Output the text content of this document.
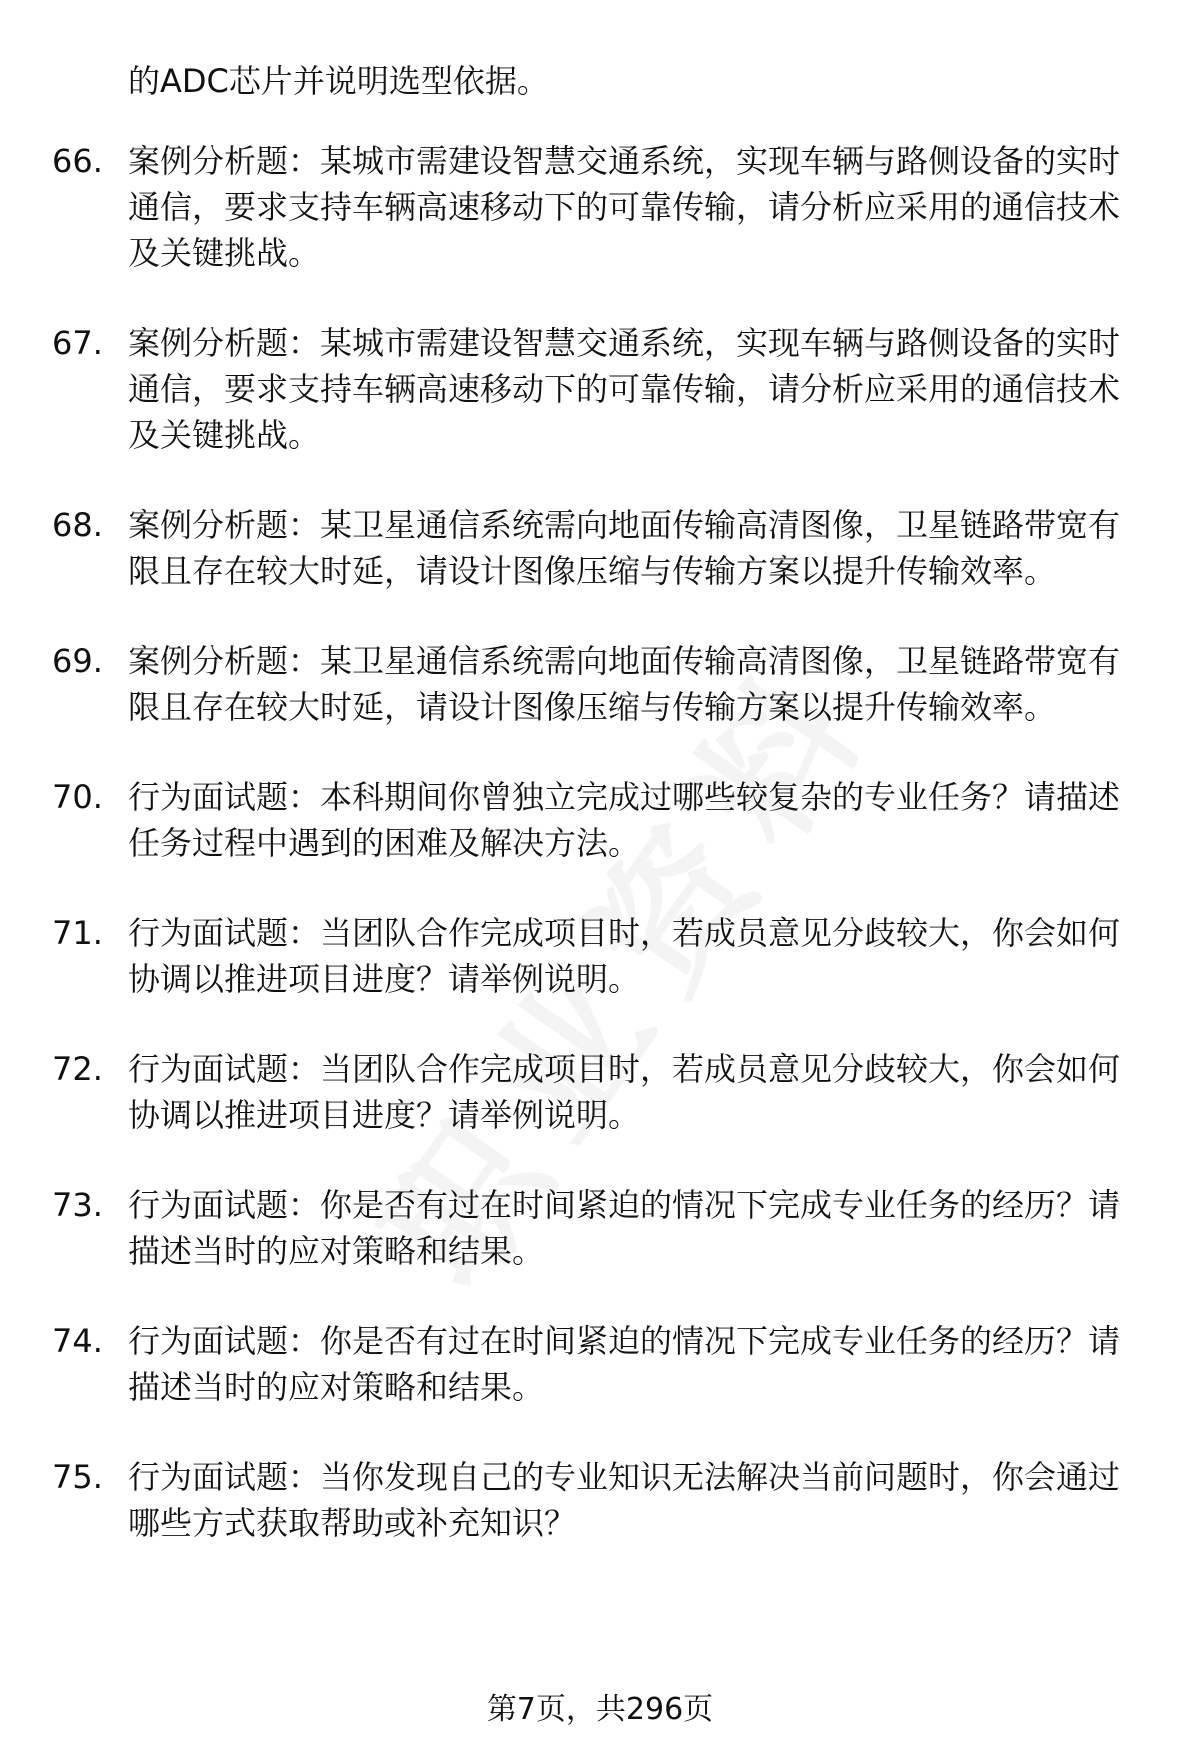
的ADC芯片并说明选型依据。
66. 案例分析题：某城市需建设智慧交通系统，实现车辆与路侧设备的实时通信，要求支持车辆高速移动下的可靠传输，请分析应采用的通信技术及关键挑战。
67. 案例分析题：某城市需建设智慧交通系统，实现车辆与路侧设备的实时通信，要求支持车辆高速移动下的可靠传输，请分析应采用的通信技术及关键挑战。
68. 案例分析题：某卫星通信系统需向地面传输高清图像，卫星链路带宽有限且存在较大时延，请设计图像压缩与传输方案以提升传输效率。
69. 案例分析题：某卫星通信系统需向地面传输高清图像，卫星链路带宽有限且存在较大时延，请设计图像压缩与传输方案以提升传输效率。
70. 行为面试题：本科期间你曾独立完成过哪些较复杂的专业任务？请描述任务过程中遇到的困难及解决方法。
71. 行为面试题：当团队合作完成项目时，若成员意见分歧较大，你会如何协调以推进项目进度？请举例说明。
72. 行为面试题：当团队合作完成项目时，若成员意见分歧较大，你会如何协调以推进项目进度？请举例说明。
73. 行为面试题：你是否有过在时间紧迫的情况下完成专业任务的经历？请描述当时的应对策略和结果。
74. 行为面试题：你是否有过在时间紧迫的情况下完成专业任务的经历？请描述当时的应对策略和结果。
75. 行为面试题：当你发现自己的专业知识无法解决当前问题时，你会通过哪些方式获取帮助或补充知识？
第7页，共296页
